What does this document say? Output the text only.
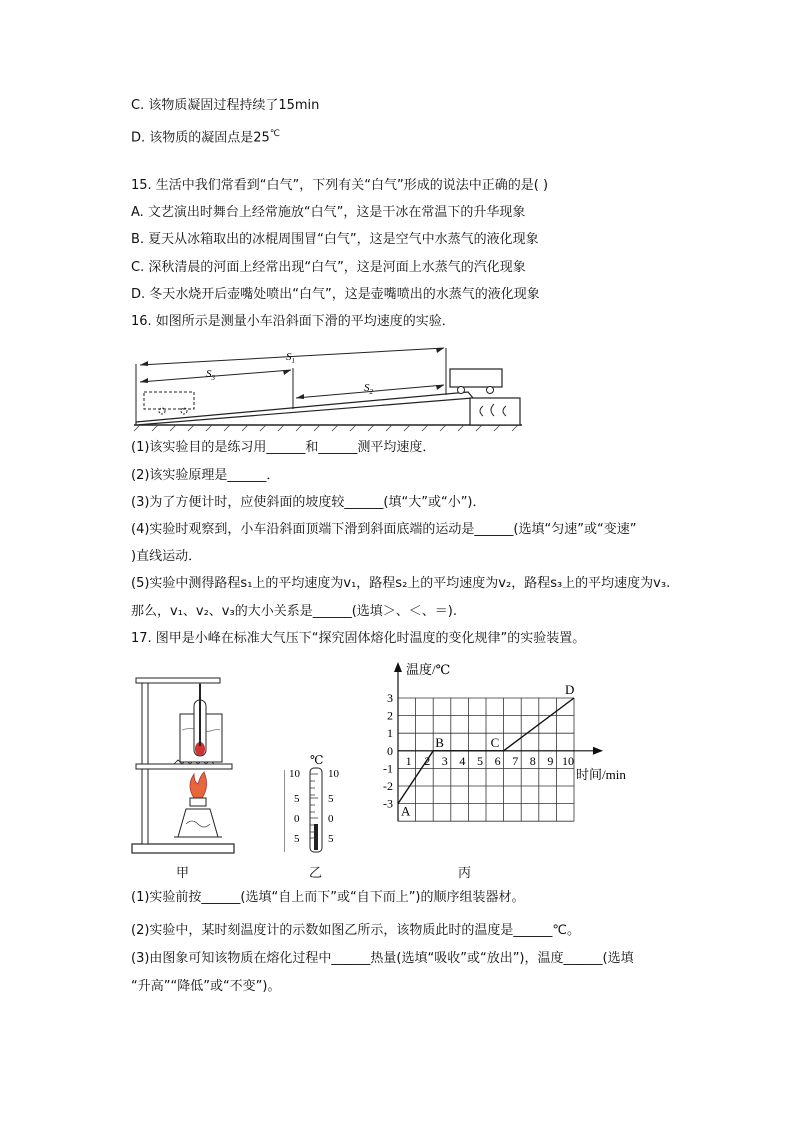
C. 该物质凝固过程持续了15min
D. 该物质的凝固点是25℃
15. 生活中我们常看到“白气”，下列有关“白气”形成的说法中正确的是( )
A. 文艺演出时舞台上经常施放“白气”，这是干冰在常温下的升华现象
B. 夏天从冰箱取出的冰棍周围冒“白气”，这是空气中水蒸气的液化现象
C. 深秋清晨的河面上经常出现“白气”，这是河面上水蒸气的汽化现象
D. 冬天水烧开后壶嘴处喷出“白气”，这是壶嘴喷出的水蒸气的液化现象
16. 如图所示是测量小车沿斜面下滑的平均速度的实验．
$S_1$
$S_3$
$S_2$
(1)该实验目的是练习用______和______测平均速度．
(2)该实验原理是______．
(3)为了方便计时，应使斜面的坡度较______(填“大”或“小”)．
(4)实验时观察到，小车沿斜面顶端下滑到斜面底端的运动是______(选填“匀速”或“变速”
)直线运动．
(5)实验中测得路程s₁上的平均速度为v₁，路程s₂上的平均速度为v₂，路程s₃上的平均速度为v₃.
那么，v₁、v₂、v₃的大小关系是______(选填＞、＜、＝).
17. 图甲是小峰在标准大气压下“探究固体熔化时温度的变化规律”的实验装置。
甲
℃
10
5
0
5
10
5
0
5
乙
温度/℃
时间/min
1 2 3 4 5 6 7 8 9 10
3
2
1
0
-1
-2
-3 A
B	C
D
丙
(1)实验前按______(选填“自上而下”或“自下而上”)的顺序组装器材。
(2)实验中，某时刻温度计的示数如图乙所示，该物质此时的温度是______℃。
(3)由图象可知该物质在熔化过程中______热量(选填“吸收”或“放出”)，温度______(选填
“升高”“降低”或“不变”)。
